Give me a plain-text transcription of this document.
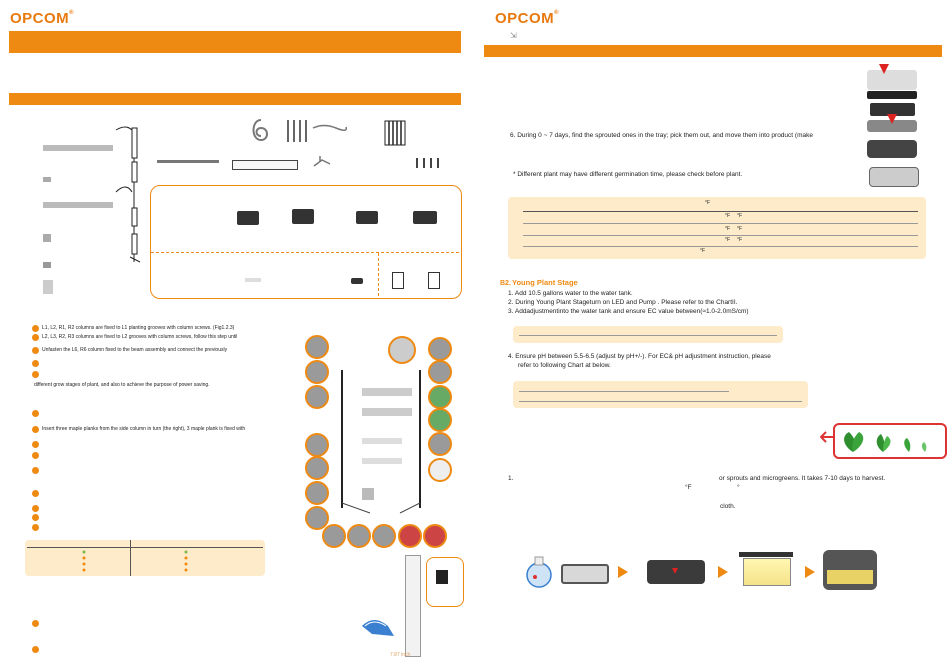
OPCOM®
L1, L2, R1, R2 columns are fixed to L1 planting grooves with column screws. (Fig1.2.3)
L2, L3, R2, R3 columns are fixed to L2 grooves with column screws, follow this step until
Unfasten the L6, R6 column fixed to the beam assembly and connect the previously
different grow stages of plant, and also to achieve the purpose of power saving.
Insert three maple planks from the side column in turn (the right), 3 maple plank is fixed with
7.87 inch
OPCOM®
⇲
6. During 0 ~ 7 days, find the sprouted ones in the tray; pick them out, and move them into product (make
* Different plant may have different germination time, please check before plant.
°F
°F °F
°F °F
°F °F
°F
B2. Young Plant Stage
1. Add 10.5 gallons water to the water tank.
2. During Young Plant Stageturn on LED and Pump . Please refer to the ChartII.
3. Addadjustmentinto the water tank and ensure EC value between(≈1.0-2.0mS/cm)
4. Ensure pH between 5.5-6.5 (adjust by pH+/-). For EC& pH adjustment instruction, please
refer to following Chart at below.
1.	or sprouts and microgreens. It takes 7-10 days to harvest.
°F	°
cloth.
